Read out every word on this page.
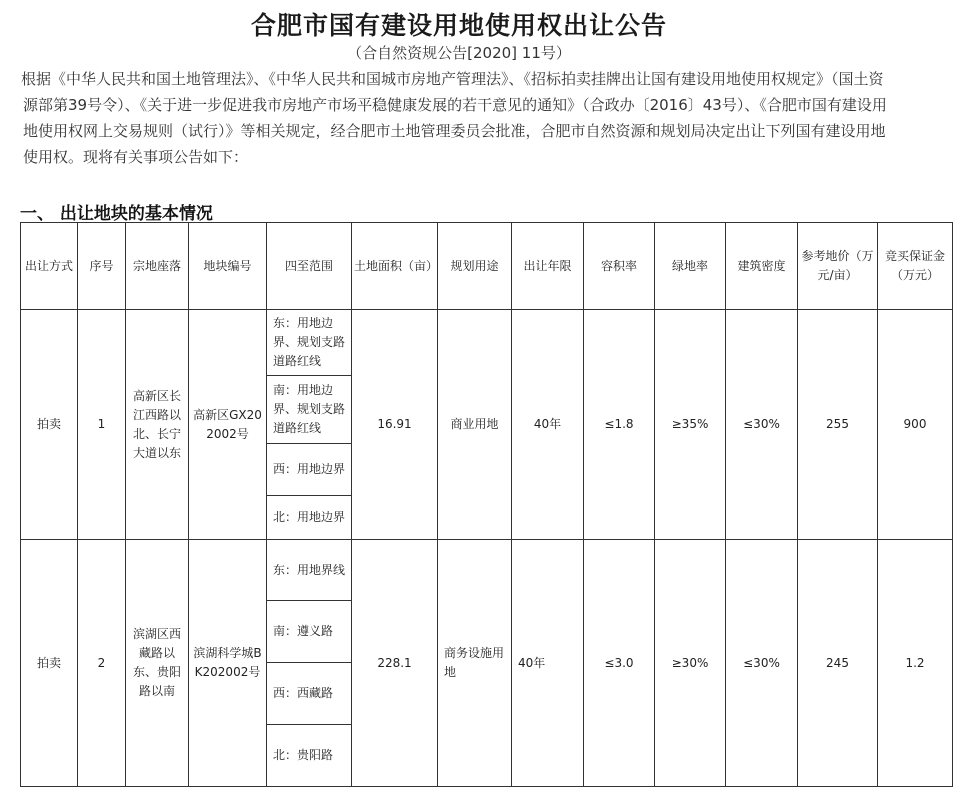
合肥市国有建设用地使用权出让公告
（合自然资规公告[2020] 11号）
根据《中华人民共和国土地管理法》、《中华人民共和国城市房地产管理法》、《招标拍卖挂牌出让国有建设用地使用权规定》（国土资源部第39号令）、《关于进一步促进我市房地产市场平稳健康发展的若干意见的通知》（合政办〔2016〕43号）、《合肥市国有建设用地使用权网上交易规则（试行）》等相关规定，经合肥市土地管理委员会批准，合肥市自然资源和规划局决定出让下列国有建设用地使用权。现将有关事项公告如下：
一、 出让地块的基本情况
出让方式	序号	宗地座落	地块编号	四至范围	土地面积（亩）	规划用途	出让年限	容积率	绿地率	建筑密度	参考地价（万元/亩）	竞买保证金（万元）
拍卖	1	高新区长江西路以北、长宁大道以东	高新区GX202002号	东：用地边界、规划支路道路红线	16.91	商业用地	40年	≤1.8	≥35%	≤30%	255	900
				南：用地边界、规划支路道路红线								
				西：用地边界								
				北：用地边界								
拍卖	2	滨湖区西藏路以东、贵阳路以南	滨湖科学城BK202002号	东：用地界线	228.1	商务设施用地	40年	≤3.0	≥30%	≤30%	245	1.2
				南：遵义路								
				西：西藏路								
				北：贵阳路								
